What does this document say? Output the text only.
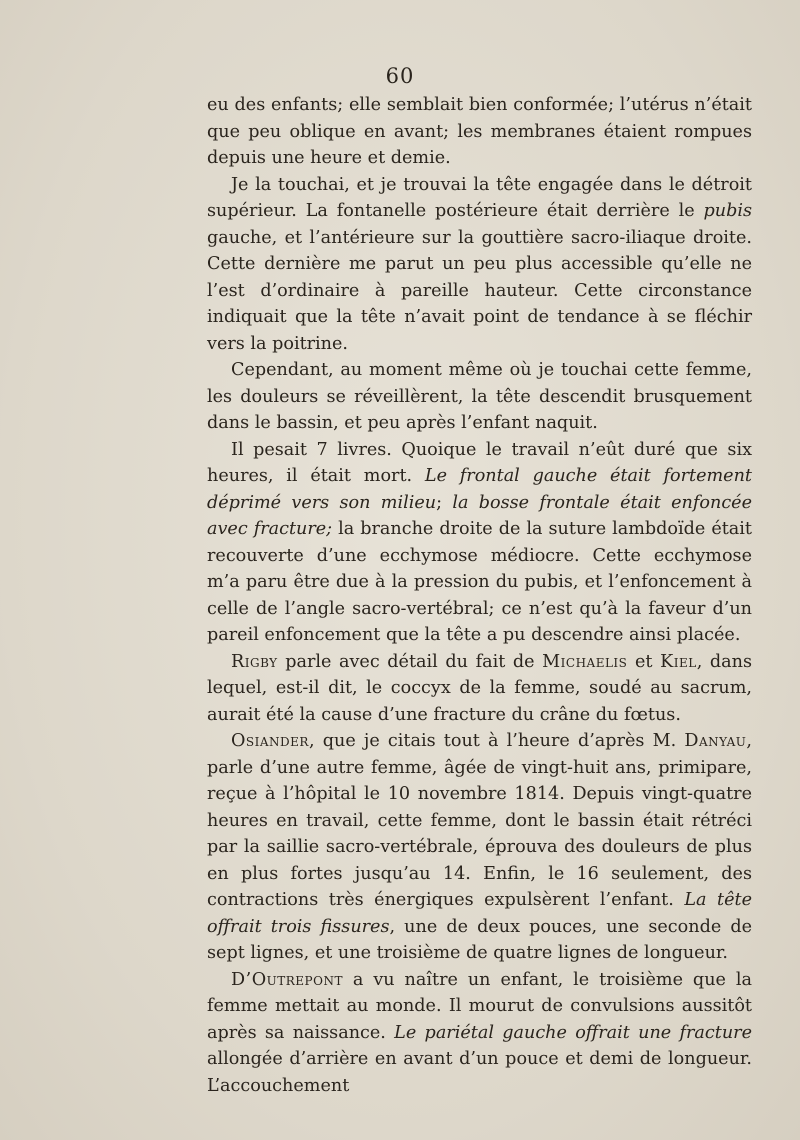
60

eu des enfants; elle semblait bien conformée; l’utérus n’était que peu oblique en avant; les membranes étaient rompues depuis une heure et demie.

Je la touchai, et je trouvai la tête engagée dans le détroit supérieur. La fontanelle postérieure était derrière le pubis gauche, et l’antérieure sur la gouttière sacro-iliaque droite. Cette dernière me parut un peu plus accessible qu’elle ne l’est d’ordinaire à pareille hauteur. Cette circonstance indiquait que la tête n’avait point de tendance à se fléchir vers la poitrine.

Cependant, au moment même où je touchai cette femme, les douleurs se réveillèrent, la tête descendit brusquement dans le bassin, et peu après l’enfant naquit.

Il pesait 7 livres. Quoique le travail n’eût duré que six heures, il était mort. Le frontal gauche était fortement déprimé vers son milieu; la bosse frontale était enfoncée avec fracture; la branche droite de la suture lambdoïde était recouverte d’une ecchymose médiocre. Cette ecchymose m’a paru être due à la pression du pubis, et l’enfoncement à celle de l’angle sacro-vertébral; ce n’est qu’à la faveur d’un pareil enfoncement que la tête a pu descendre ainsi placée.

Rigby parle avec détail du fait de Michaelis et Kiel, dans lequel, est-il dit, le coccyx de la femme, soudé au sacrum, aurait été la cause d’une fracture du crâne du fœtus.

Osiander, que je citais tout à l’heure d’après M. Danyau, parle d’une autre femme, âgée de vingt-huit ans, primipare, reçue à l’hôpital le 10 novembre 1814. Depuis vingt-quatre heures en travail, cette femme, dont le bassin était rétréci par la saillie sacro-vertébrale, éprouva des douleurs de plus en plus fortes jusqu’au 14. Enfin, le 16 seulement, des contractions très énergiques expulsèrent l’enfant. La tête offrait trois fissures, une de deux pouces, une seconde de sept lignes, et une troisième de quatre lignes de longueur.

D’Outrepont a vu naître un enfant, le troisième que la femme mettait au monde. Il mourut de convulsions aussitôt après sa naissance. Le pariétal gauche offrait une fracture allongée d’arrière en avant d’un pouce et demi de longueur. L’accouchement
